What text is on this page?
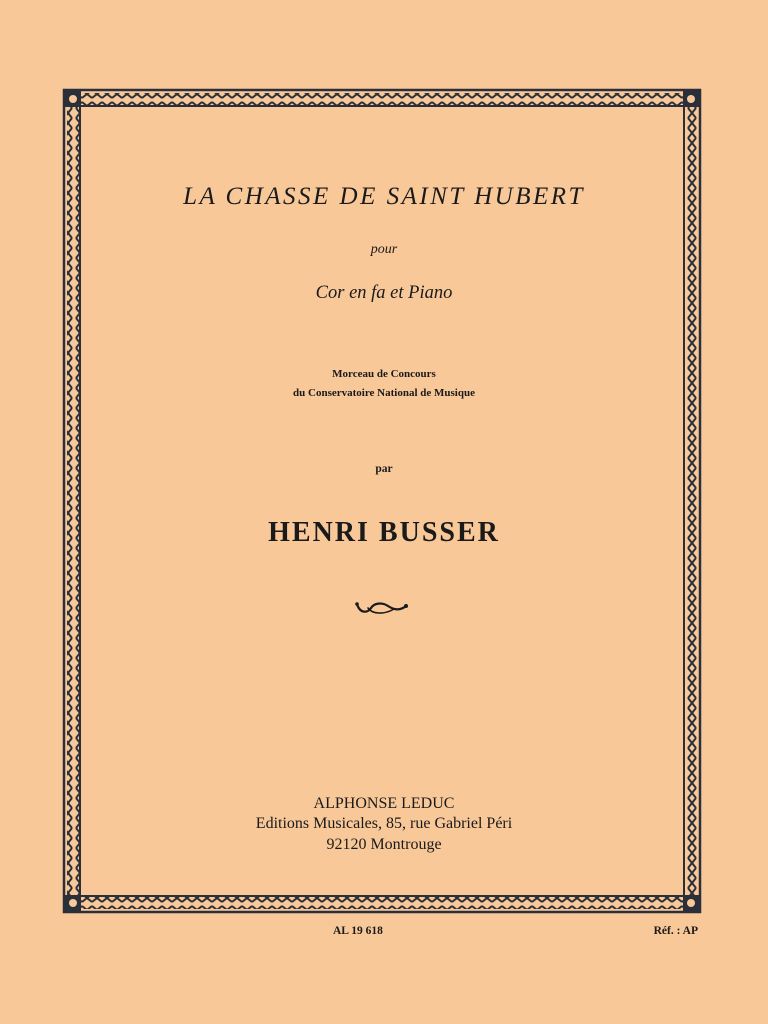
LA CHASSE DE SAINT HUBERT
pour
Cor en fa et Piano
Morceau de Concours
du Conservatoire National de Musique
par
HENRI BUSSER
ALPHONSE LEDUC
Editions Musicales, 85, rue Gabriel Péri
92120 Montrouge
AL 19 618	Réf. : AP
